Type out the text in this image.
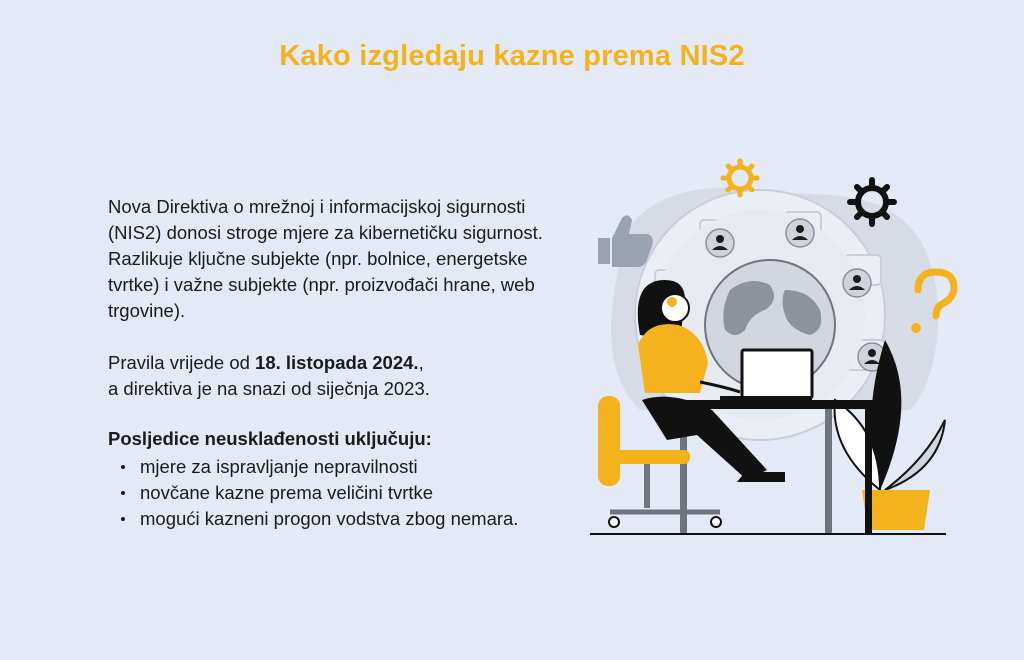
Kako izgledaju kazne prema NIS2

Nova Direktiva o mrežnoj i informacijskoj sigurnosti (NIS2) donosi stroge mjere za kibernetičku sigurnost. Razlikuje ključne subjekte (npr. bolnice, energetske tvrtke) i važne subjekte (npr. proizvođači hrane, web trgovine).

Pravila vrijede od 18. listopada 2024.,
a direktiva je na snazi od siječnja 2023.

Posljedice neusklađenosti uključuju:

mjere za ispravljanje nepravilnosti
novčane kazne prema veličini tvrtke
mogući kazneni progon vodstva zbog nemara.
